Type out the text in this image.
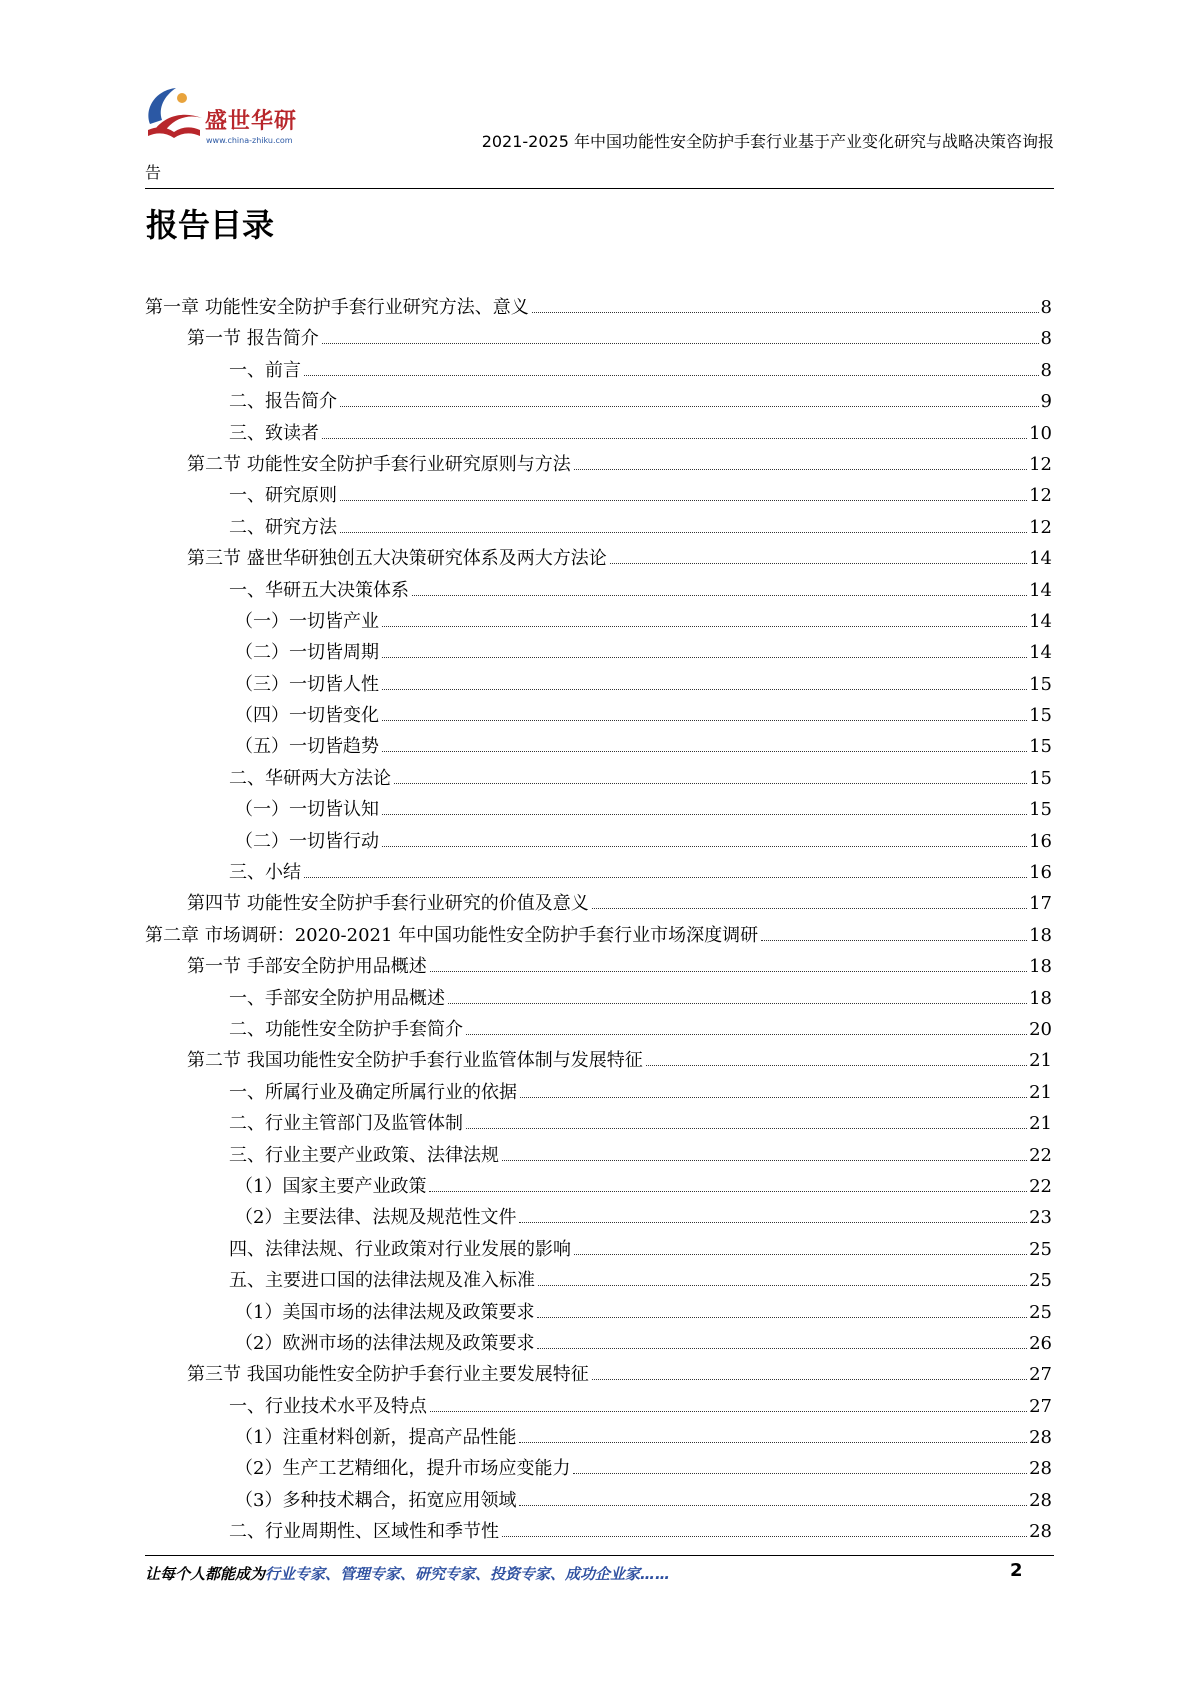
盛世华研
www.china-zhiku.com	2021-2025 年中国功能性安全防护手套行业基于产业变化研究与战略决策咨询报
告
报告目录
第一章 功能性安全防护手套行业研究方法、意义	8
第一节 报告简介	8
一、前言	8
二、报告简介	9
三、致读者	10
第二节 功能性安全防护手套行业研究原则与方法	12
一、研究原则	12
二、研究方法	12
第三节 盛世华研独创五大决策研究体系及两大方法论	14
一、华研五大决策体系	14
（一）一切皆产业	14
（二）一切皆周期	14
（三）一切皆人性	15
（四）一切皆变化	15
（五）一切皆趋势	15
二、华研两大方法论	15
（一）一切皆认知	15
（二）一切皆行动	16
三、小结	16
第四节 功能性安全防护手套行业研究的价值及意义	17
第二章 市场调研：2020-2021 年中国功能性安全防护手套行业市场深度调研	18
第一节 手部安全防护用品概述	18
一、手部安全防护用品概述	18
二、功能性安全防护手套简介	20
第二节 我国功能性安全防护手套行业监管体制与发展特征	21
一、所属行业及确定所属行业的依据	21
二、行业主管部门及监管体制	21
三、行业主要产业政策、法律法规	22
（1）国家主要产业政策	22
（2）主要法律、法规及规范性文件	23
四、法律法规、行业政策对行业发展的影响	25
五、主要进口国的法律法规及准入标准	25
（1）美国市场的法律法规及政策要求	25
（2）欧洲市场的法律法规及政策要求	26
第三节 我国功能性安全防护手套行业主要发展特征	27
一、行业技术水平及特点	27
（1）注重材料创新，提高产品性能	28
（2）生产工艺精细化，提升市场应变能力	28
（3）多种技术耦合，拓宽应用领域	28
二、行业周期性、区域性和季节性	28
让每个人都能成为行业专家、管理专家、研究专家、投资专家、成功企业家……	2
